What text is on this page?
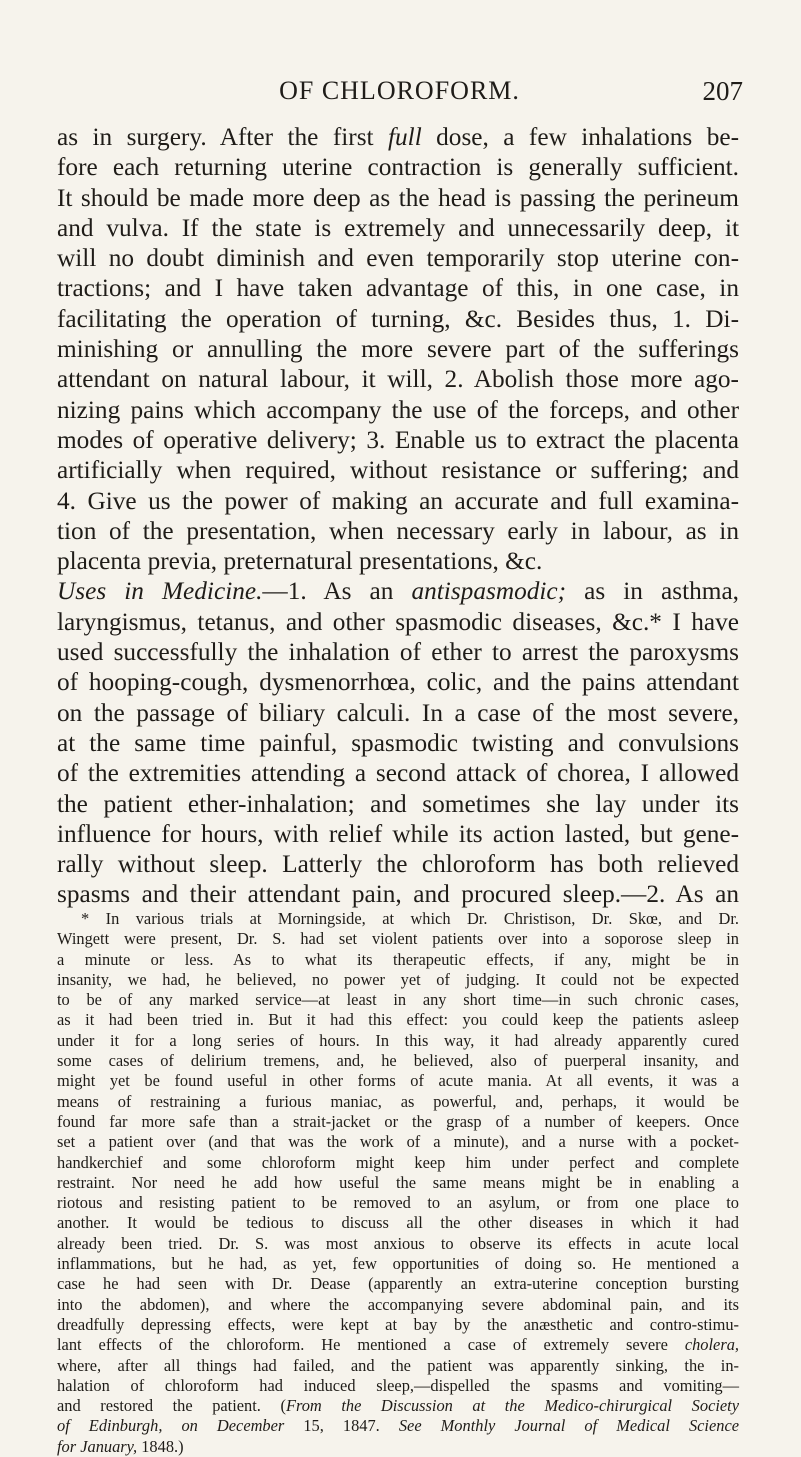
OF CHLOROFORM.	207
as in surgery. After the first full dose, a few inhalations be-
fore each returning uterine contraction is generally sufficient.
It should be made more deep as the head is passing the perineum
and vulva. If the state is extremely and unnecessarily deep, it
will no doubt diminish and even temporarily stop uterine con-
tractions; and I have taken advantage of this, in one case, in
facilitating the operation of turning, &c. Besides thus, 1. Di-
minishing or annulling the more severe part of the sufferings
attendant on natural labour, it will, 2. Abolish those more ago-
nizing pains which accompany the use of the forceps, and other
modes of operative delivery; 3. Enable us to extract the placenta
artificially when required, without resistance or suffering; and
4. Give us the power of making an accurate and full examina-
tion of the presentation, when necessary early in labour, as in
placenta previa, preternatural presentations, &c.
Uses in Medicine.—1. As an antispasmodic; as in asthma,
laryngismus, tetanus, and other spasmodic diseases, &c.* I have
used successfully the inhalation of ether to arrest the paroxysms
of hooping-cough, dysmenorrhœa, colic, and the pains attendant
on the passage of biliary calculi. In a case of the most severe,
at the same time painful, spasmodic twisting and convulsions
of the extremities attending a second attack of chorea, I allowed
the patient ether-inhalation; and sometimes she lay under its
influence for hours, with relief while its action lasted, but gene-
rally without sleep. Latterly the chloroform has both relieved
spasms and their attendant pain, and procured sleep.—2. As an
* In various trials at Morningside, at which Dr. Christison, Dr. Skœ, and Dr.
Wingett were present, Dr. S. had set violent patients over into a soporose sleep in
a minute or less. As to what its therapeutic effects, if any, might be in
insanity, we had, he believed, no power yet of judging. It could not be expected
to be of any marked service—at least in any short time—in such chronic cases,
as it had been tried in. But it had this effect: you could keep the patients asleep
under it for a long series of hours. In this way, it had already apparently cured
some cases of delirium tremens, and, he believed, also of puerperal insanity, and
might yet be found useful in other forms of acute mania. At all events, it was a
means of restraining a furious maniac, as powerful, and, perhaps, it would be
found far more safe than a strait-jacket or the grasp of a number of keepers. Once
set a patient over (and that was the work of a minute), and a nurse with a pocket-
handkerchief and some chloroform might keep him under perfect and complete
restraint. Nor need he add how useful the same means might be in enabling a
riotous and resisting patient to be removed to an asylum, or from one place to
another. It would be tedious to discuss all the other diseases in which it had
already been tried. Dr. S. was most anxious to observe its effects in acute local
inflammations, but he had, as yet, few opportunities of doing so. He mentioned a
case he had seen with Dr. Dease (apparently an extra-uterine conception bursting
into the abdomen), and where the accompanying severe abdominal pain, and its
dreadfully depressing effects, were kept at bay by the anæsthetic and contro-stimu-
lant effects of the chloroform. He mentioned a case of extremely severe cholera,
where, after all things had failed, and the patient was apparently sinking, the in-
halation of chloroform had induced sleep,—dispelled the spasms and vomiting—
and restored the patient. (From the Discussion at the Medico-chirurgical Society
of Edinburgh, on December 15, 1847. See Monthly Journal of Medical Science
for January, 1848.)
